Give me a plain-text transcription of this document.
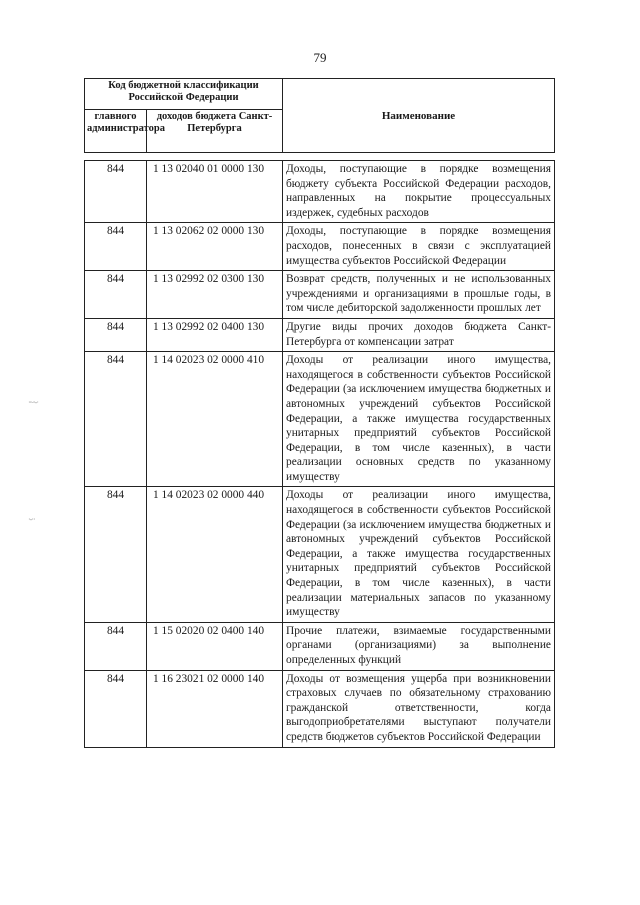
79
Код бюджетной классификации Российской Федерации		Наименование
главного администратора	доходов бюджета Санкт-Петербурга	
844	1 13 02040 01 0000 130	Доходы, поступающие в порядке возмещения бюджету субъекта Российской Федерации расходов, направленных на покрытие процессуальных издержек, судебных расходов
844	1 13 02062 02 0000 130	Доходы, поступающие в порядке возмещения расходов, понесенных в связи с эксплуатацией имущества субъектов Российской Федерации
844	1 13 02992 02 0300 130	Возврат средств, полученных и не использованных учреждениями и организациями в прошлые годы, в том числе дебиторской задолженности прошлых лет
844	1 13 02992 02 0400 130	Другие виды прочих доходов бюджета Санкт-Петербурга от компенсации затрат
844	1 14 02023 02 0000 410	Доходы от реализации иного имущества, находящегося в собственности субъектов Российской Федерации (за исключением имущества бюджетных и автономных учреждений субъектов Российской Федерации, а также имущества государственных унитарных предприятий субъектов Российской Федерации, в том числе казенных), в части реализации основных средств по указанному имуществу
844	1 14 02023 02 0000 440	Доходы от реализации иного имущества, находящегося в собственности субъектов Российской Федерации (за исключением имущества бюджетных и автономных учреждений субъектов Российской Федерации, а также имущества государственных унитарных предприятий субъектов Российской Федерации, в том числе казенных), в части реализации материальных запасов по указанному имуществу
844	1 15 02020 02 0400 140	Прочие платежи, взимаемые государственными органами (организациями) за выполнение определенных функций
844	1 16 23021 02 0000 140	Доходы от возмещения ущерба при возникновении страховых случаев по обязательному страхованию гражданской ответственности, когда выгодоприобретателями выступают получатели средств бюджетов субъектов Российской Федерации
·~·-·
·-··
